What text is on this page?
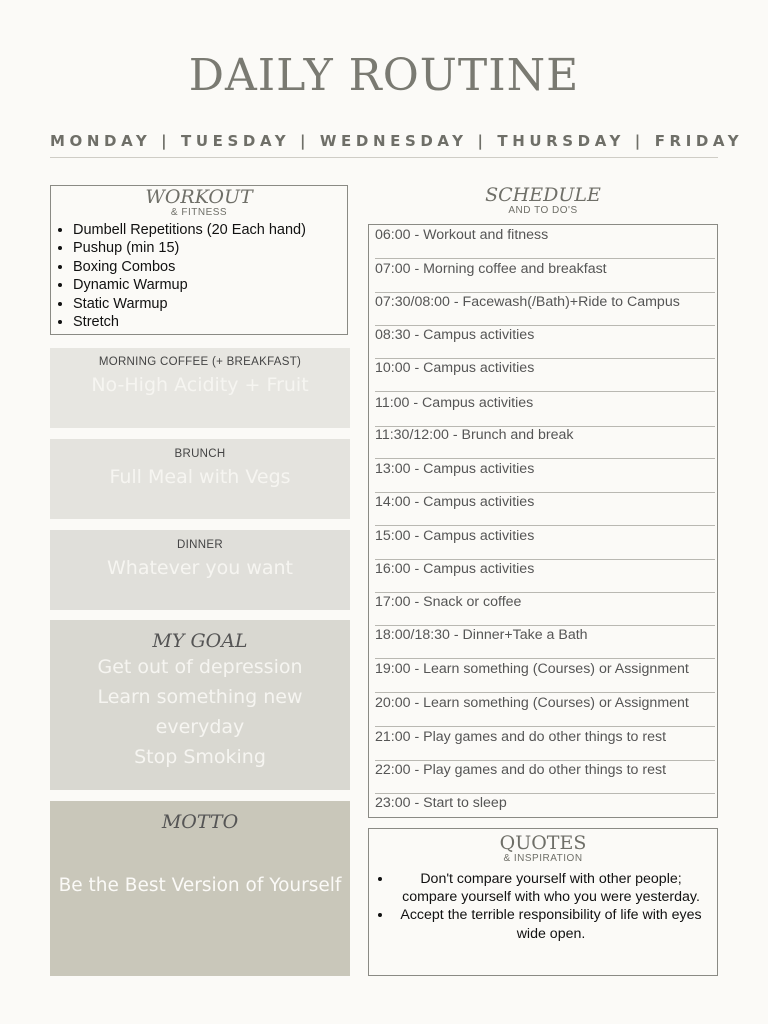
DAILY ROUTINE
MONDAY | TUESDAY | WEDNESDAY | THURSDAY | FRIDAY
WORKOUT
& FITNESS
• Dumbell Repetitions (20 Each hand)
• Pushup (min 15)
• Boxing Combos
• Dynamic Warmup
• Static Warmup
• Stretch
MORNING COFFEE (+ BREAKFAST)
No-High Acidity + Fruit
BRUNCH
Full Meal with Vegs
DINNER
Whatever you want
MY GOAL
Get out of depression
Learn something new
everyday
Stop Smoking
MOTTO
Be the Best Version of Yourself
SCHEDULE
AND TO DO'S
06:00 - Workout and fitness
07:00 - Morning coffee and breakfast
07:30/08:00 - Facewash(/Bath)+Ride to Campus
08:30 - Campus activities
10:00 - Campus activities
11:00 - Campus activities
11:30/12:00 - Brunch and break
13:00 - Campus activities
14:00 - Campus activities
15:00 - Campus activities
16:00 - Campus activities
17:00 - Snack or coffee
18:00/18:30 - Dinner+Take a Bath
19:00 - Learn something (Courses) or Assignment
20:00 - Learn something (Courses) or Assignment
21:00 - Play games and do other things to rest
22:00 - Play games and do other things to rest
23:00 - Start to sleep
QUOTES
& INSPIRATION
• Don't compare yourself with other people; compare yourself with who you were yesterday.
• Accept the terrible responsibility of life with eyes wide open.
